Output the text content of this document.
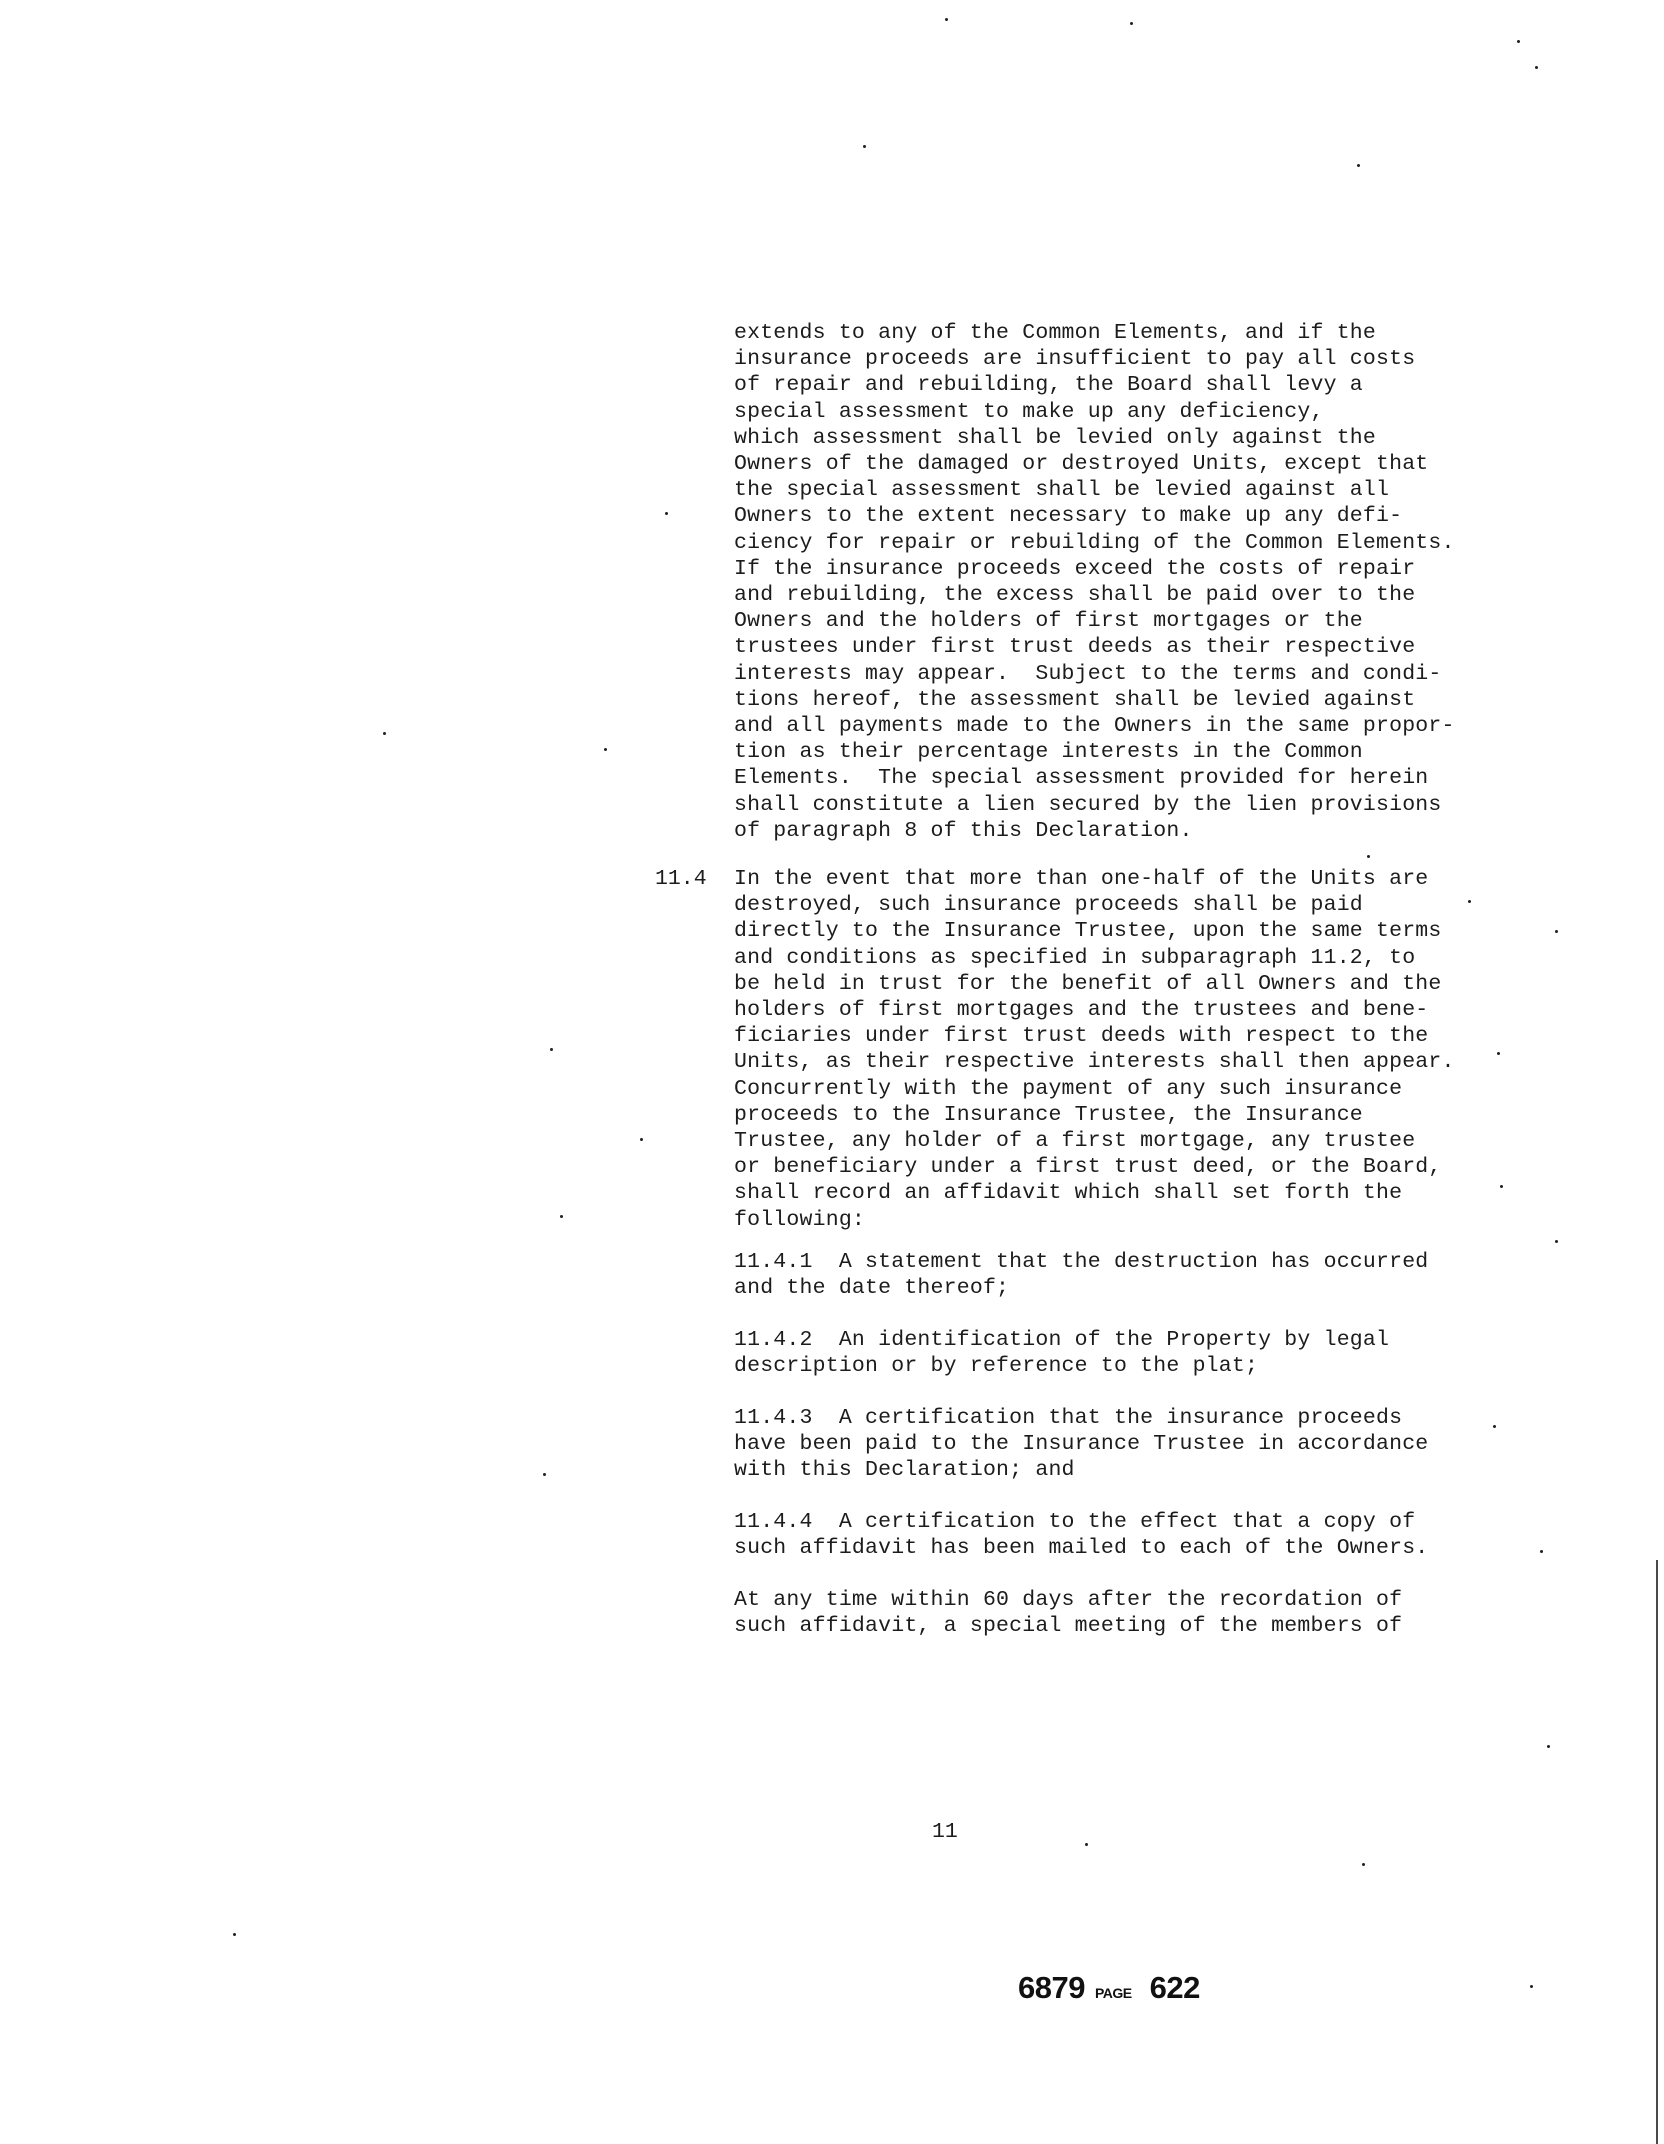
extends to any of the Common Elements, and if the
insurance proceeds are insufficient to pay all costs
of repair and rebuilding, the Board shall levy a
special assessment to make up any deficiency,
which assessment shall be levied only against the
Owners of the damaged or destroyed Units, except that
the special assessment shall be levied against all
Owners to the extent necessary to make up any defi-
ciency for repair or rebuilding of the Common Elements.
If the insurance proceeds exceed the costs of repair
and rebuilding, the excess shall be paid over to the
Owners and the holders of first mortgages or the
trustees under first trust deeds as their respective
interests may appear.  Subject to the terms and condi-
tions hereof, the assessment shall be levied against
and all payments made to the Owners in the same propor-
tion as their percentage interests in the Common
Elements.  The special assessment provided for herein
shall constitute a lien secured by the lien provisions
of paragraph 8 of this Declaration.
11.4 In the event that more than one-half of the Units are
destroyed, such insurance proceeds shall be paid
directly to the Insurance Trustee, upon the same terms
and conditions as specified in subparagraph 11.2, to
be held in trust for the benefit of all Owners and the
holders of first mortgages and the trustees and bene-
ficiaries under first trust deeds with respect to the
Units, as their respective interests shall then appear.
Concurrently with the payment of any such insurance
proceeds to the Insurance Trustee, the Insurance
Trustee, any holder of a first mortgage, any trustee
or beneficiary under a first trust deed, or the Board,
shall record an affidavit which shall set forth the
following:
11.4.1  A statement that the destruction has occurred
and the date thereof;
11.4.2  An identification of the Property by legal
description or by reference to the plat;
11.4.3  A certification that the insurance proceeds
have been paid to the Insurance Trustee in accordance
with this Declaration; and
11.4.4  A certification to the effect that a copy of
such affidavit has been mailed to each of the Owners.
At any time within 60 days after the recordation of
such affidavit, a special meeting of the members of
11
6879 PAGE 622
